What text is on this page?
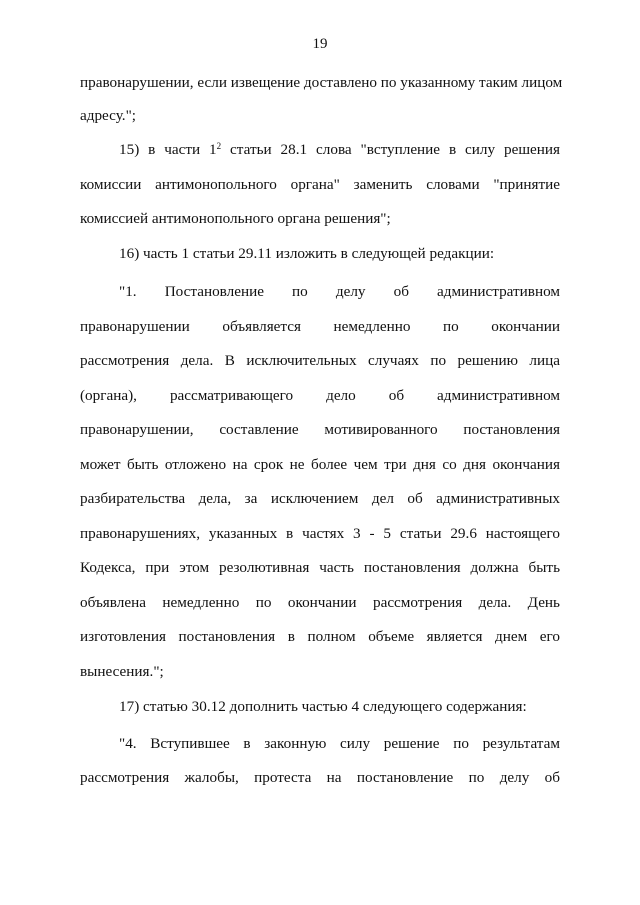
19
правонарушении, если извещение доставлено по указанному таким лицом
адресу.";
15) в части $1^2$ статьи 28.1 слова "вступление в силу решения
комиссии антимонопольного органа" заменить словами "принятие
комиссией антимонопольного органа решения";
16) часть 1 статьи 29.11 изложить в следующей редакции:
"1. Постановление по делу об административном
правонарушении объявляется немедленно по окончании
рассмотрения дела. В исключительных случаях по решению лица
(органа), рассматривающего дело об административном
правонарушении, составление мотивированного постановления
может быть отложено на срок не более чем три дня со дня окончания
разбирательства дела, за исключением дел об административных
правонарушениях, указанных в частях 3 - 5 статьи 29.6 настоящего
Кодекса, при этом резолютивная часть постановления должна быть
объявлена немедленно по окончании рассмотрения дела. День
изготовления постановления в полном объеме является днем его
вынесения.";
17) статью 30.12 дополнить частью 4 следующего содержания:
"4. Вступившее в законную силу решение по результатам
рассмотрения жалобы, протеста на постановление по делу об
